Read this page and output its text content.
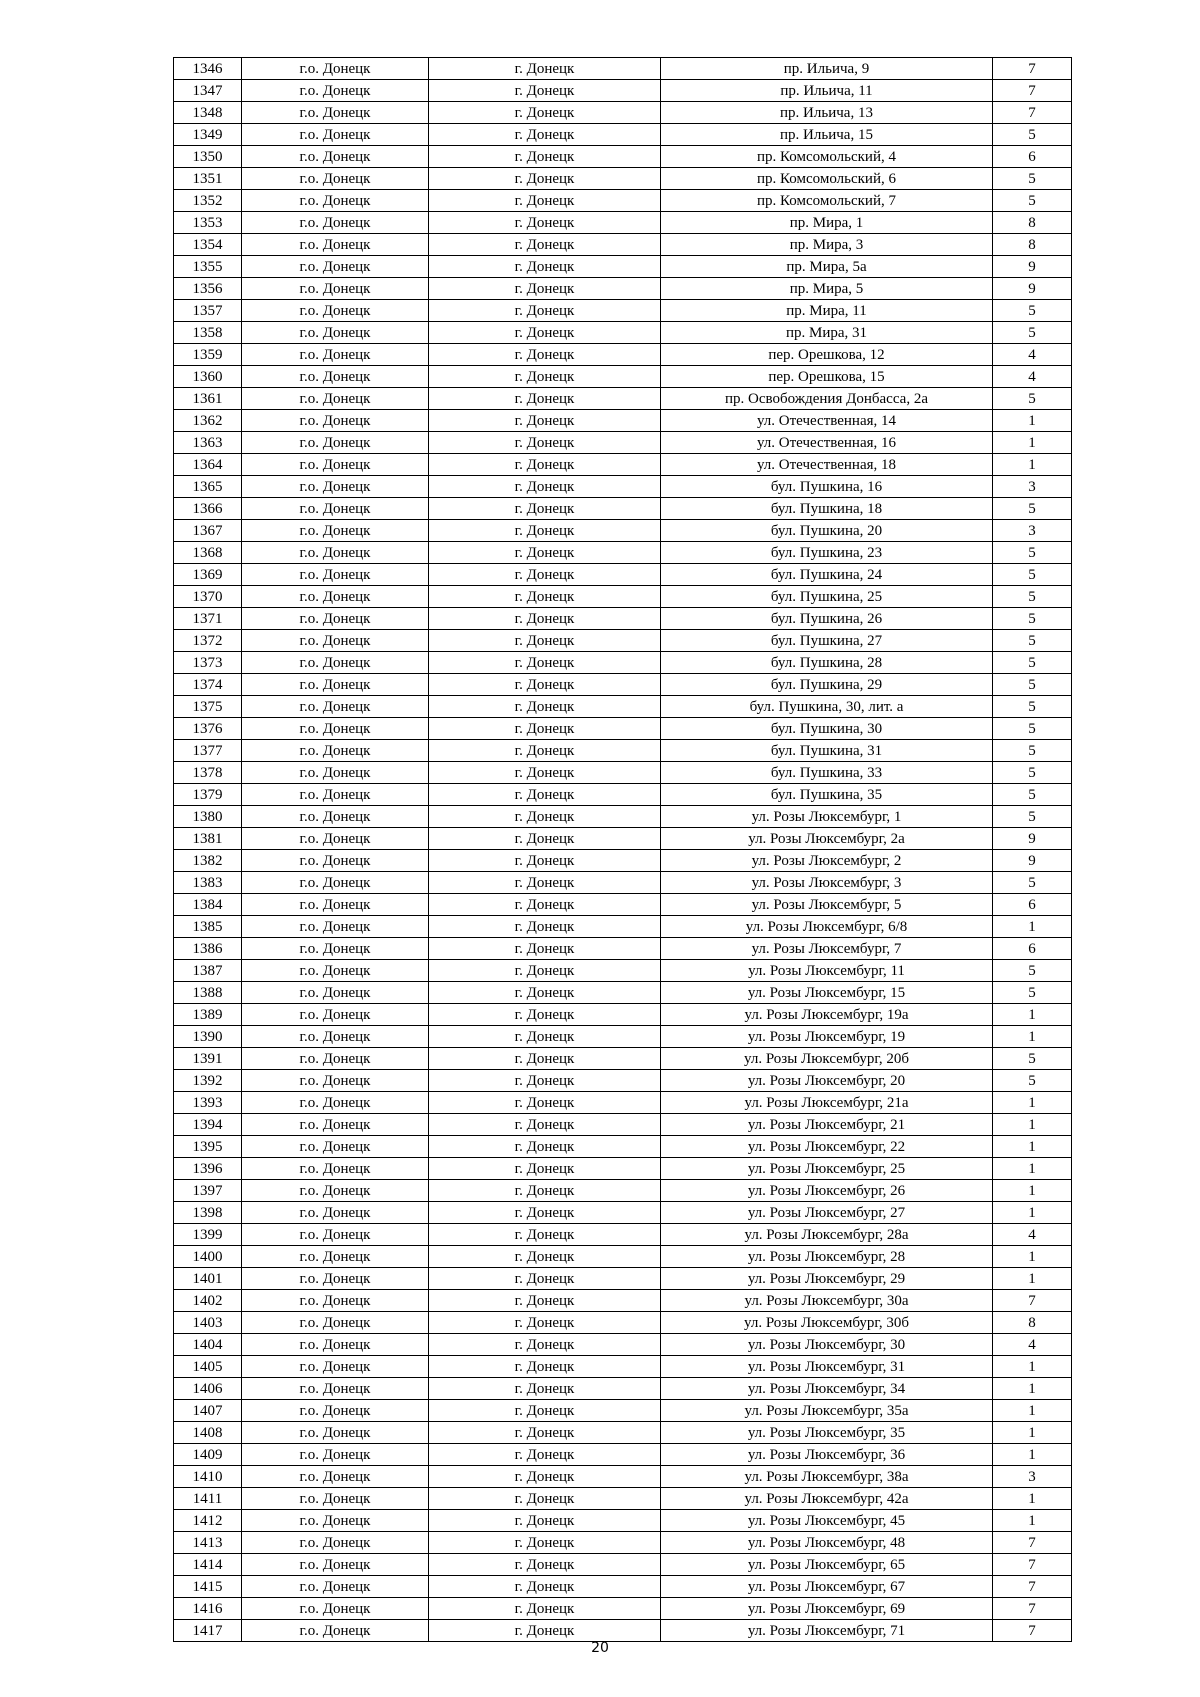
1346	г.о. Донецк	г. Донецк	пр. Ильича, 9	7
1347	г.о. Донецк	г. Донецк	пр. Ильича, 11	7
1348	г.о. Донецк	г. Донецк	пр. Ильича, 13	7
1349	г.о. Донецк	г. Донецк	пр. Ильича, 15	5
1350	г.о. Донецк	г. Донецк	пр. Комсомольский, 4	6
1351	г.о. Донецк	г. Донецк	пр. Комсомольский, 6	5
1352	г.о. Донецк	г. Донецк	пр. Комсомольский, 7	5
1353	г.о. Донецк	г. Донецк	пр. Мира, 1	8
1354	г.о. Донецк	г. Донецк	пр. Мира, 3	8
1355	г.о. Донецк	г. Донецк	пр. Мира, 5а	9
1356	г.о. Донецк	г. Донецк	пр. Мира, 5	9
1357	г.о. Донецк	г. Донецк	пр. Мира, 11	5
1358	г.о. Донецк	г. Донецк	пр. Мира, 31	5
1359	г.о. Донецк	г. Донецк	пер. Орешкова, 12	4
1360	г.о. Донецк	г. Донецк	пер. Орешкова, 15	4
1361	г.о. Донецк	г. Донецк	пр. Освобождения Донбасса, 2а	5
1362	г.о. Донецк	г. Донецк	ул. Отечественная, 14	1
1363	г.о. Донецк	г. Донецк	ул. Отечественная, 16	1
1364	г.о. Донецк	г. Донецк	ул. Отечественная, 18	1
1365	г.о. Донецк	г. Донецк	бул. Пушкина, 16	3
1366	г.о. Донецк	г. Донецк	бул. Пушкина, 18	5
1367	г.о. Донецк	г. Донецк	бул. Пушкина, 20	3
1368	г.о. Донецк	г. Донецк	бул. Пушкина, 23	5
1369	г.о. Донецк	г. Донецк	бул. Пушкина, 24	5
1370	г.о. Донецк	г. Донецк	бул. Пушкина, 25	5
1371	г.о. Донецк	г. Донецк	бул. Пушкина, 26	5
1372	г.о. Донецк	г. Донецк	бул. Пушкина, 27	5
1373	г.о. Донецк	г. Донецк	бул. Пушкина, 28	5
1374	г.о. Донецк	г. Донецк	бул. Пушкина, 29	5
1375	г.о. Донецк	г. Донецк	бул. Пушкина, 30, лит. а	5
1376	г.о. Донецк	г. Донецк	бул. Пушкина, 30	5
1377	г.о. Донецк	г. Донецк	бул. Пушкина, 31	5
1378	г.о. Донецк	г. Донецк	бул. Пушкина, 33	5
1379	г.о. Донецк	г. Донецк	бул. Пушкина, 35	5
1380	г.о. Донецк	г. Донецк	ул. Розы Люксембург, 1	5
1381	г.о. Донецк	г. Донецк	ул. Розы Люксембург, 2а	9
1382	г.о. Донецк	г. Донецк	ул. Розы Люксембург, 2	9
1383	г.о. Донецк	г. Донецк	ул. Розы Люксембург, 3	5
1384	г.о. Донецк	г. Донецк	ул. Розы Люксембург, 5	6
1385	г.о. Донецк	г. Донецк	ул. Розы Люксембург, 6/8	1
1386	г.о. Донецк	г. Донецк	ул. Розы Люксембург, 7	6
1387	г.о. Донецк	г. Донецк	ул. Розы Люксембург, 11	5
1388	г.о. Донецк	г. Донецк	ул. Розы Люксембург, 15	5
1389	г.о. Донецк	г. Донецк	ул. Розы Люксембург, 19а	1
1390	г.о. Донецк	г. Донецк	ул. Розы Люксембург, 19	1
1391	г.о. Донецк	г. Донецк	ул. Розы Люксембург, 20б	5
1392	г.о. Донецк	г. Донецк	ул. Розы Люксембург, 20	5
1393	г.о. Донецк	г. Донецк	ул. Розы Люксембург, 21а	1
1394	г.о. Донецк	г. Донецк	ул. Розы Люксембург, 21	1
1395	г.о. Донецк	г. Донецк	ул. Розы Люксембург, 22	1
1396	г.о. Донецк	г. Донецк	ул. Розы Люксембург, 25	1
1397	г.о. Донецк	г. Донецк	ул. Розы Люксембург, 26	1
1398	г.о. Донецк	г. Донецк	ул. Розы Люксембург, 27	1
1399	г.о. Донецк	г. Донецк	ул. Розы Люксембург, 28а	4
1400	г.о. Донецк	г. Донецк	ул. Розы Люксембург, 28	1
1401	г.о. Донецк	г. Донецк	ул. Розы Люксембург, 29	1
1402	г.о. Донецк	г. Донецк	ул. Розы Люксембург, 30а	7
1403	г.о. Донецк	г. Донецк	ул. Розы Люксембург, 30б	8
1404	г.о. Донецк	г. Донецк	ул. Розы Люксембург, 30	4
1405	г.о. Донецк	г. Донецк	ул. Розы Люксембург, 31	1
1406	г.о. Донецк	г. Донецк	ул. Розы Люксембург, 34	1
1407	г.о. Донецк	г. Донецк	ул. Розы Люксембург, 35а	1
1408	г.о. Донецк	г. Донецк	ул. Розы Люксембург, 35	1
1409	г.о. Донецк	г. Донецк	ул. Розы Люксембург, 36	1
1410	г.о. Донецк	г. Донецк	ул. Розы Люксембург, 38а	3
1411	г.о. Донецк	г. Донецк	ул. Розы Люксембург, 42а	1
1412	г.о. Донецк	г. Донецк	ул. Розы Люксембург, 45	1
1413	г.о. Донецк	г. Донецк	ул. Розы Люксембург, 48	7
1414	г.о. Донецк	г. Донецк	ул. Розы Люксембург, 65	7
1415	г.о. Донецк	г. Донецк	ул. Розы Люксембург, 67	7
1416	г.о. Донецк	г. Донецк	ул. Розы Люксембург, 69	7
1417	г.о. Донецк	г. Донецк	ул. Розы Люксембург, 71	7
20
